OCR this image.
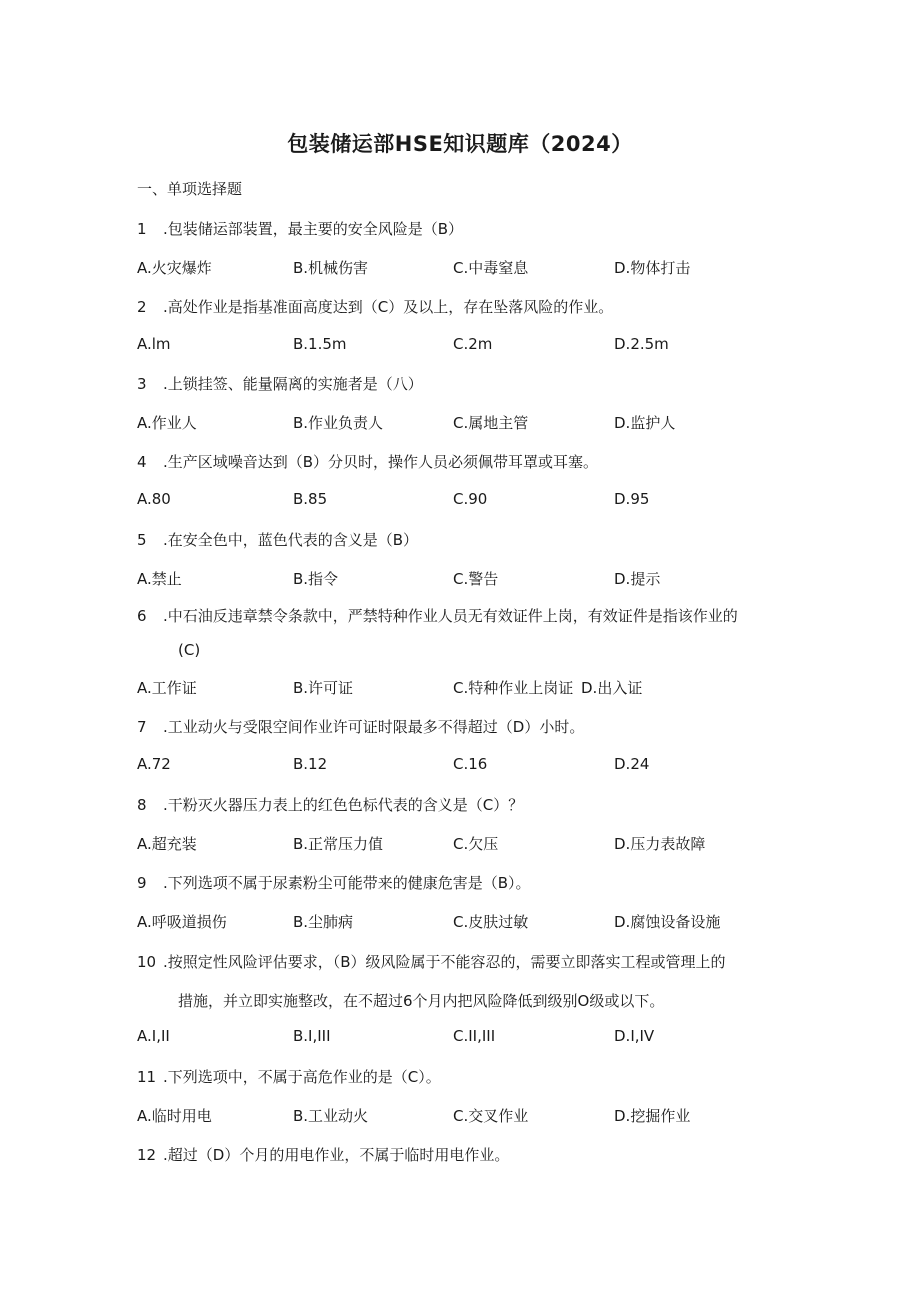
包装储运部HSE知识题库（2024）
一、单项选择题
1 .包装储运部装置，最主要的安全风险是（B）
A.火灾爆炸	B.机械伤害	C.中毒窒息	D.物体打击
2 .高处作业是指基准面高度达到（C）及以上，存在坠落风险的作业。
A.lm	B.1.5m	C.2m	D.2.5m
3 .上锁挂签、能量隔离的实施者是（八）
A.作业人	B.作业负责人	C.属地主管	D.监护人
4 .生产区域噪音达到（B）分贝时，操作人员必须佩带耳罩或耳塞。
A.80	B.85	C.90	D.95
5 .在安全色中，蓝色代表的含义是（B）
A.禁止	B.指令	C.警告	D.提示
6 .中石油反违章禁令条款中，严禁特种作业人员无有效证件上岗，有效证件是指该作业的
(C)
A.工作证	B.许可证	C.特种作业上岗证 D.出入证
7 .工业动火与受限空间作业许可证时限最多不得超过（D）小时。
A.72	B.12	C.16	D.24
8 .干粉灭火器压力表上的红色色标代表的含义是（C）？
A.超充装	B.正常压力值	C.欠压	D.压力表故障
9 .下列选项不属于尿素粉尘可能带来的健康危害是（B）。
A.呼吸道损伤	B.尘肺病	C.皮肤过敏	D.腐蚀设备设施
10 .按照定性风险评估要求，（B）级风险属于不能容忍的，需要立即落实工程或管理上的
措施，并立即实施整改，在不超过6个月内把风险降低到级别O级或以下。
A.I,II	B.I,III	C.II,III	D.I,IV
11 .下列选项中，不属于高危作业的是（C）。
A.临时用电	B.工业动火	C.交叉作业	D.挖掘作业
12 .超过（D）个月的用电作业，不属于临时用电作业。
